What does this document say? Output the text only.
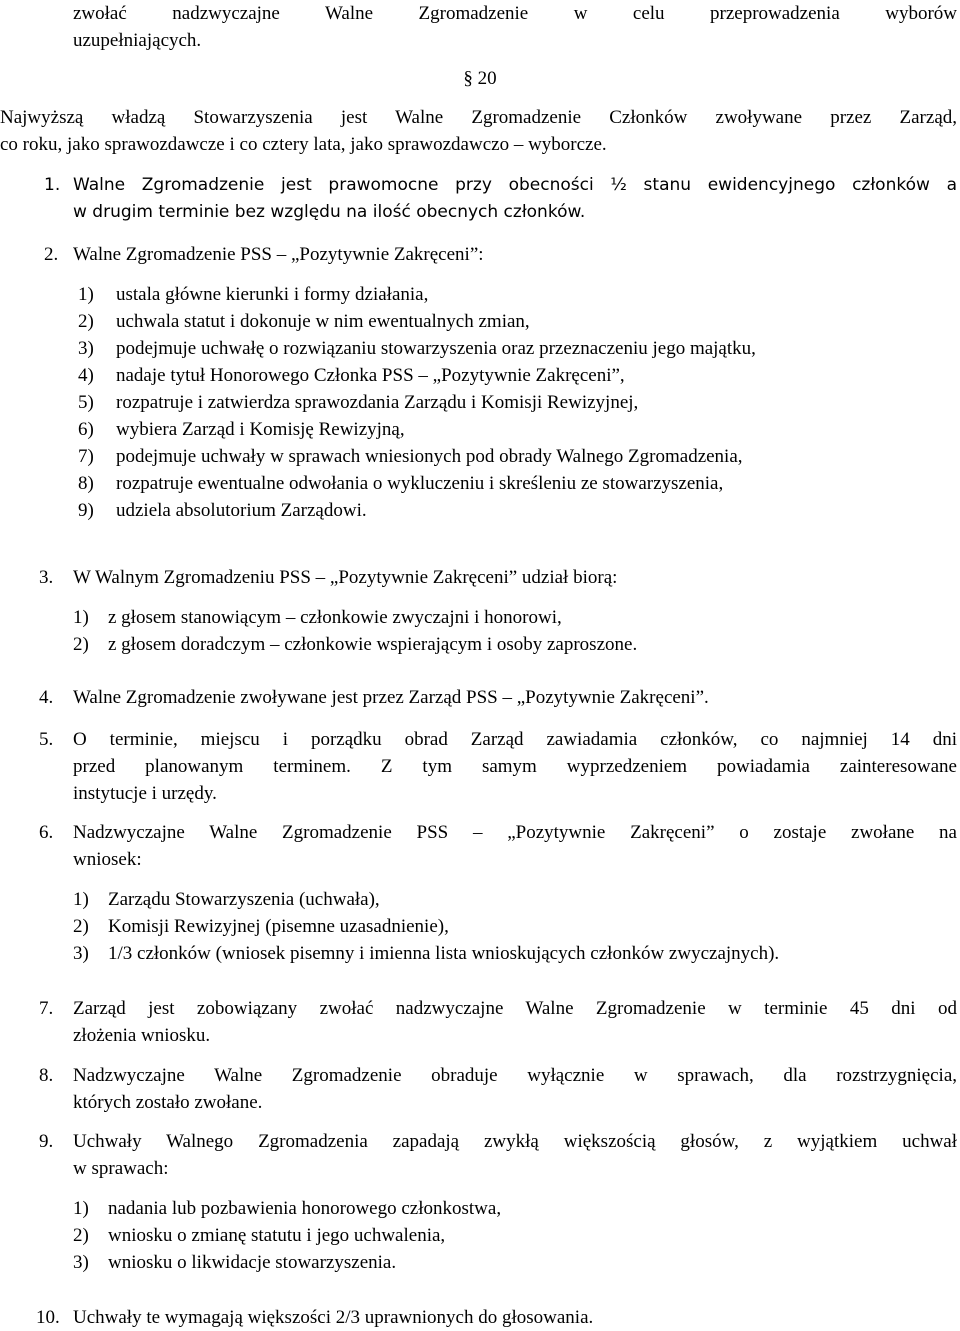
zwołać nadzwyczajne Walne Zgromadzenie w celu przeprowadzenia wyborów
uzupełniających.
§ 20
Najwyższą władzą Stowarzyszenia jest Walne Zgromadzenie Członków zwoływane przez Zarząd,
co roku, jako sprawozdawcze i co cztery lata, jako sprawozdawczo – wyborcze.
1. Walne Zgromadzenie jest prawomocne przy obecności ½ stanu ewidencyjnego członków a
w drugim terminie bez względu na ilość obecnych członków.
2. Walne Zgromadzenie PSS – „Pozytywnie Zakręceni”:
1) ustala główne kierunki i formy działania,
2) uchwala statut i dokonuje w nim ewentualnych zmian,
3) podejmuje uchwałę o rozwiązaniu stowarzyszenia oraz przeznaczeniu jego majątku,
4) nadaje tytuł Honorowego Członka PSS – „Pozytywnie Zakręceni”,
5) rozpatruje i zatwierdza sprawozdania Zarządu i Komisji Rewizyjnej,
6) wybiera Zarząd i Komisję Rewizyjną,
7) podejmuje uchwały w sprawach wniesionych pod obrady Walnego Zgromadzenia,
8) rozpatruje ewentualne odwołania o wykluczeniu i skreśleniu ze stowarzyszenia,
9) udziela absolutorium Zarządowi.
3. W Walnym Zgromadzeniu PSS – „Pozytywnie Zakręceni” udział biorą:
1) z głosem stanowiącym – członkowie zwyczajni i honorowi,
2) z głosem doradczym – członkowie wspierającym i osoby zaproszone.
4. Walne Zgromadzenie zwoływane jest przez Zarząd PSS – „Pozytywnie Zakręceni”.
5. O terminie, miejscu i porządku obrad Zarząd zawiadamia członków, co najmniej 14 dni
przed planowanym terminem. Z tym samym wyprzedzeniem powiadamia zainteresowane
instytucje i urzędy.
6. Nadzwyczajne Walne Zgromadzenie PSS – „Pozytywnie Zakręceni” o zostaje zwołane na
wniosek:
1) Zarządu Stowarzyszenia (uchwała),
2) Komisji Rewizyjnej (pisemne uzasadnienie),
3) 1/3 członków (wniosek pisemny i imienna lista wnioskujących członków zwyczajnych).
7. Zarząd jest zobowiązany zwołać nadzwyczajne Walne Zgromadzenie w terminie 45 dni od
złożenia wniosku.
8. Nadzwyczajne Walne Zgromadzenie obraduje wyłącznie w sprawach, dla rozstrzygnięcia,
których zostało zwołane.
9. Uchwały Walnego Zgromadzenia zapadają zwykłą większością głosów, z wyjątkiem uchwał
w sprawach:
1) nadania lub pozbawienia honorowego członkostwa,
2) wniosku o zmianę statutu i jego uchwalenia,
3) wniosku o likwidacje stowarzyszenia.
10. Uchwały te wymagają większości 2/3 uprawnionych do głosowania.
